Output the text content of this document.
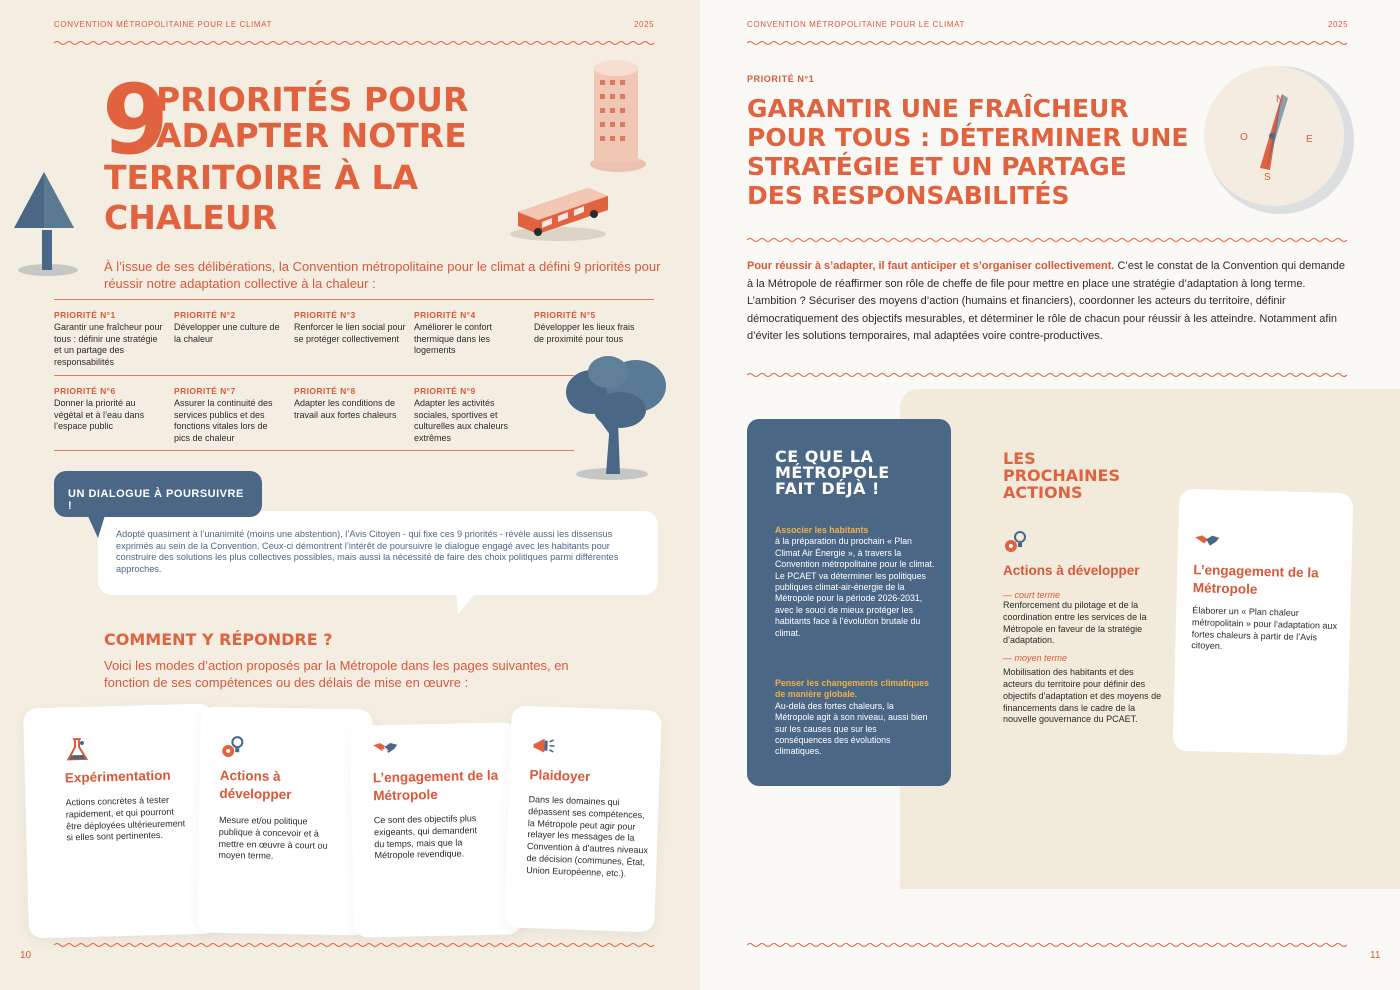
CONVENTION MÉTROPOLITAINE POUR LE CLIMAT	2025
9
PRIORITÉS POUR
ADAPTER NOTRE
TERRITOIRE À LA
CHALEUR
À l’issue de ses délibérations, la Convention métropolitaine pour le climat a défini 9 priorités pour réussir notre adaptation collective à la chaleur :
PRIORITÉ N°1
Garantir une fraîcheur pour tous : définir une stratégie et un partage des responsabilités
PRIORITÉ N°2
Développer une culture de la chaleur
PRIORITÉ N°3
Renforcer le lien social pour se protéger collectivement
PRIORITÉ N°4
Améliorer le confort thermique dans les logements
PRIORITÉ N°5
Développer les lieux frais de proximité pour tous
PRIORITÉ N°6
Donner la priorité au végétal et à l’eau dans l’espace public
PRIORITÉ N°7
Assurer la continuité des services publics et des fonctions vitales lors de pics de chaleur
PRIORITÉ N°8
Adapter les conditions de travail aux fortes chaleurs
PRIORITÉ N°9
Adapter les activités sociales, sportives et culturelles aux chaleurs extrêmes
Adopté quasiment à l’unanimité (moins une abstention), l’Avis Citoyen - qui fixe ces 9 priorités - révèle aussi les dissensus exprimés au sein de la Convention. Ceux-ci démontrent l’intérêt de poursuivre le dialogue engagé avec les habitants pour construire des solutions les plus collectives possibles, mais aussi la nécessité de faire des choix politiques parmi différentes approches.
UN DIALOGUE À POURSUIVRE !
COMMENT Y RÉPONDRE ?
Voici les modes d’action proposés par la Métropole dans les pages suivantes, en fonction de ses compétences ou des délais de mise en œuvre :
Expérimentation
Actions concrètes à tester rapidement, et qui pourront être déployées ultérieurement si elles sont pertinentes.
Actions à développer
Mesure et/ou politique publique à concevoir et à mettre en œuvre à court ou moyen terme.
L’engagement de la Métropole
Ce sont des objectifs plus exigeants, qui demandent du temps, mais que la Métropole revendique.
Plaidoyer
Dans les domaines qui dépassent ses compétences, la Métropole peut agir pour relayer les messages de la Convention à d’autres niveaux de décision (communes, État, Union Européenne, etc.).
10
CONVENTION MÉTROPOLITAINE POUR LE CLIMAT	2025
PRIORITÉ N°1
GARANTIR UNE FRAÎCHEUR
POUR TOUS : DÉTERMINER UNE
STRATÉGIE ET UN PARTAGE
DES RESPONSABILITÉS
N
E
S
O
Pour réussir à s’adapter, il faut anticiper et s’organiser collectivement. C’est le constat de la Convention qui demande à la Métropole de réaffirmer son rôle de cheffe de file pour mettre en place une stratégie d’adaptation à long terme. L’ambition ? Sécuriser des moyens d’action (humains et financiers), coordonner les acteurs du territoire, définir démocratiquement des objectifs mesurables, et déterminer le rôle de chacun pour réussir à les atteindre. Notamment afin d’éviter les solutions temporaires, mal adaptées voire contre-productives.
CE QUE LA
MÉTROPOLE
FAIT DÉJÀ !
Associer les habitants
à la préparation du prochain « Plan Climat Air Énergie », à travers la Convention métropolitaine pour le climat. Le PCAET va déterminer les politiques publiques climat-air-énergie de la Métropole pour la période 2026-2031, avec le souci de mieux protéger les habitants face à l’évolution brutale du climat.
Penser les changements climatiques de manière globale.
Au-delà des fortes chaleurs, la Métropole agit à son niveau, aussi bien sur les causes que sur les conséquences des évolutions climatiques.
LES
PROCHAINES
ACTIONS
Actions à développer
— court terme
Renforcement du pilotage et de la coordination entre les services de la Métropole en faveur de la stratégie d’adaptation.
— moyen terme
Mobilisation des habitants et des acteurs du territoire pour définir des objectifs d’adaptation et des moyens de financements dans le cadre de la nouvelle gouvernance du PCAET.
L’engagement de la Métropole
Élaborer un « Plan chaleur métropolitain » pour l’adaptation aux fortes chaleurs à partir de l’Avis citoyen.
11
